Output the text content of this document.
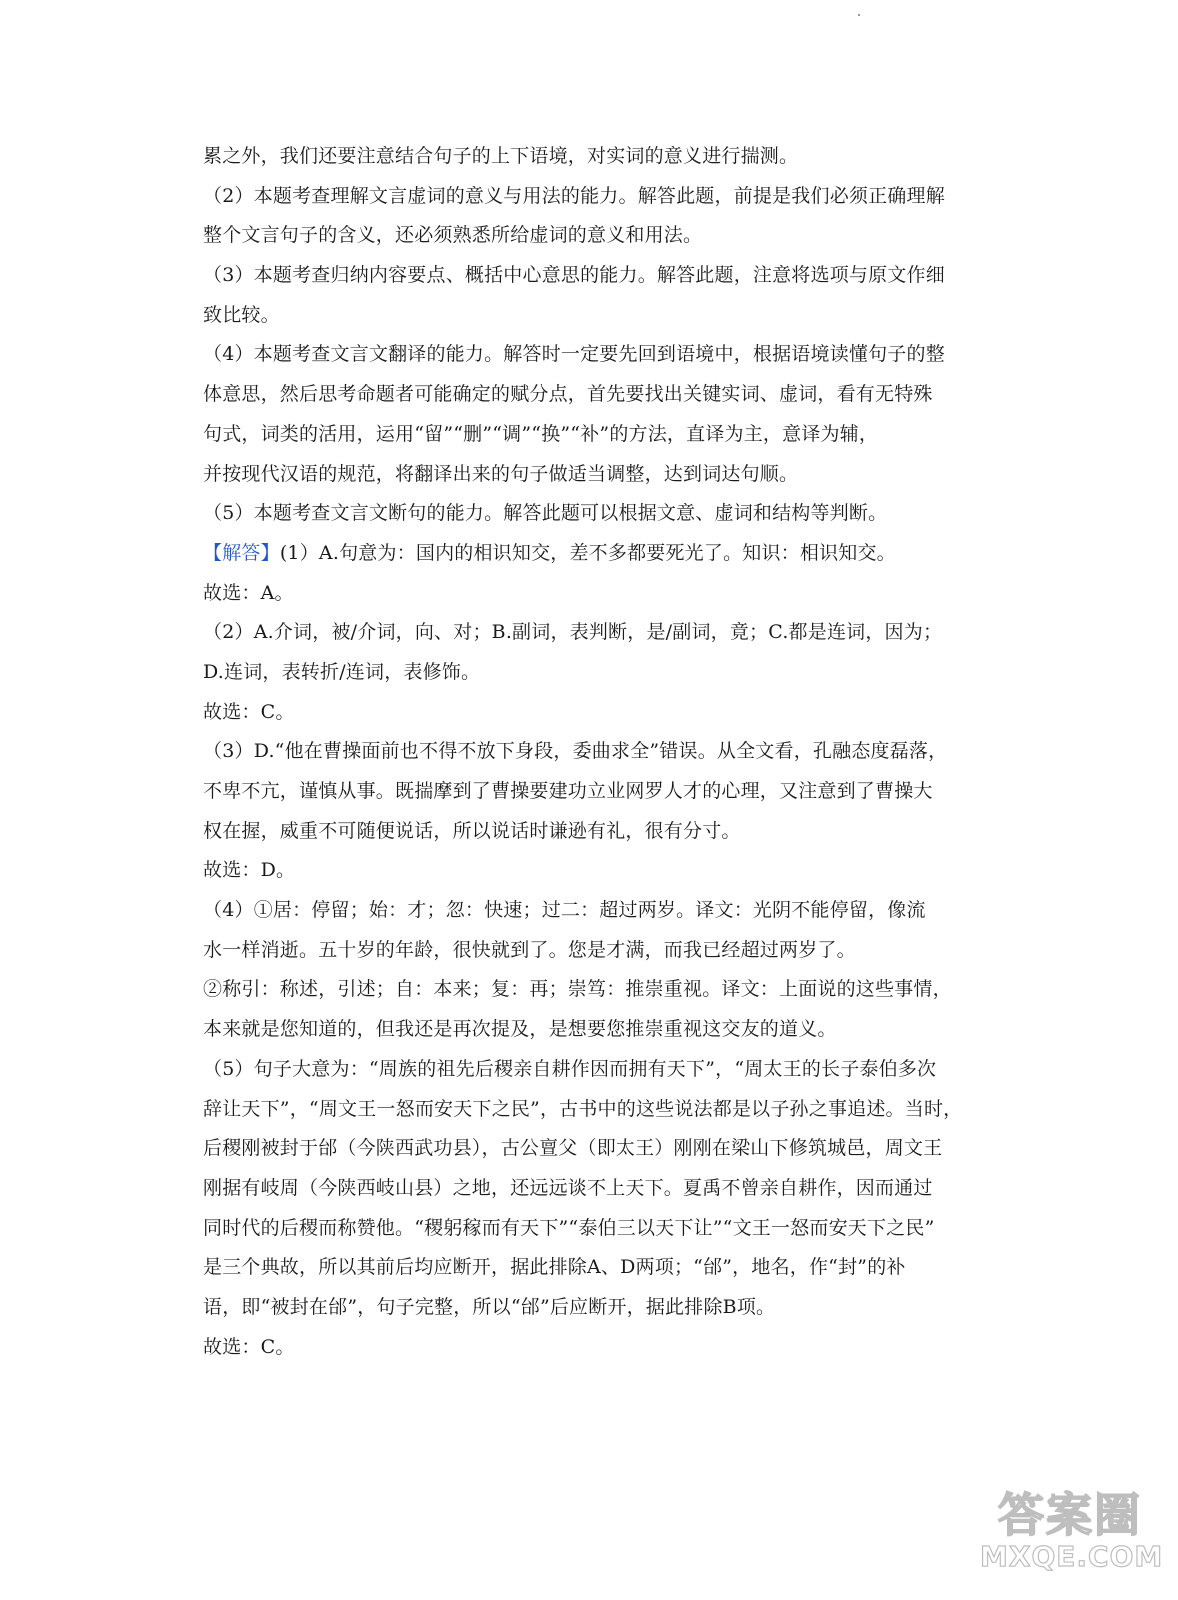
累之外，我们还要注意结合句子的上下语境，对实词的意义进行揣测。
（2）本题考查理解文言虚词的意义与用法的能力。解答此题，前提是我们必须正确理解
整个文言句子的含义，还必须熟悉所给虚词的意义和用法。
（3）本题考查归纳内容要点、概括中心意思的能力。解答此题，注意将选项与原文作细
致比较。
（4）本题考查文言文翻译的能力。解答时一定要先回到语境中，根据语境读懂句子的整
体意思，然后思考命题者可能确定的赋分点，首先要找出关键实词、虚词，看有无特殊
句式，词类的活用，运用“留”“删”“调”“换”“补”的方法，直译为主，意译为辅，
并按现代汉语的规范，将翻译出来的句子做适当调整，达到词达句顺。
（5）本题考查文言文断句的能力。解答此题可以根据文意、虚词和结构等判断。
【解答】(1）A.句意为：国内的相识知交，差不多都要死光了。知识：相识知交。
故选：A。
（2）A.介词，被/介词，向、对；B.副词，表判断，是/副词，竟；C.都是连词，因为；
D.连词，表转折/连词，表修饰。
故选：C。
（3）D.“他在曹操面前也不得不放下身段，委曲求全”错误。从全文看，孔融态度磊落，
不卑不亢，谨慎从事。既揣摩到了曹操要建功立业网罗人才的心理，又注意到了曹操大
权在握，威重不可随便说话，所以说话时谦逊有礼，很有分寸。
故选：D。
（4）①居：停留；始：才；忽：快速；过二：超过两岁。译文：光阴不能停留，像流
水一样消逝。五十岁的年龄，很快就到了。您是才满，而我已经超过两岁了。
②称引：称述，引述；自：本来；复：再；崇笃：推崇重视。译文：上面说的这些事情，
本来就是您知道的，但我还是再次提及，是想要您推崇重视这交友的道义。
（5）句子大意为：“周族的祖先后稷亲自耕作因而拥有天下”，“周太王的长子泰伯多次
辞让天下”，“周文王一怒而安天下之民”，古书中的这些说法都是以子孙之事追述。当时，
后稷刚被封于邰（今陕西武功县），古公亶父（即太王）刚刚在梁山下修筑城邑，周文王
刚据有岐周（今陕西岐山县）之地，还远远谈不上天下。夏禹不曾亲自耕作，因而通过
同时代的后稷而称赞他。“稷躬稼而有天下”“泰伯三以天下让”“文王一怒而安天下之民”
是三个典故，所以其前后均应断开，据此排除A、D两项；“邰”，地名，作“封”的补
语，即“被封在邰”，句子完整，所以“邰”后应断开，据此排除B项。
故选：C。
答案圈
MXQE.COM
